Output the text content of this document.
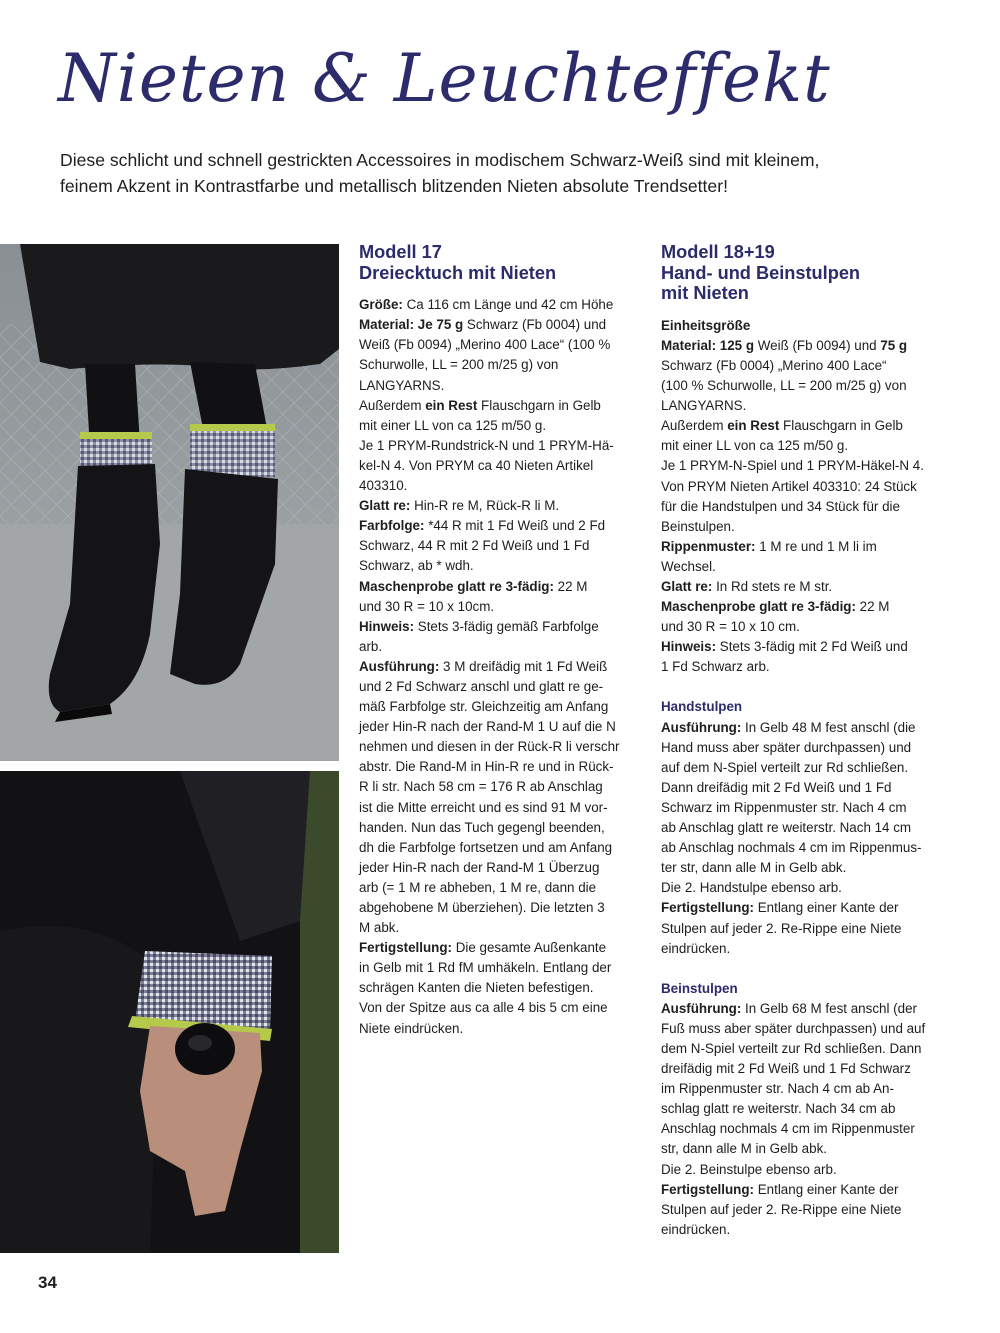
Nieten & Leuchteffekt
Diese schlicht und schnell gestrickten Accessoires in modischem Schwarz-Weiß sind mit kleinem,
feinem Akzent in Kontrastfarbe und metallisch blitzenden Nieten absolute Trendsetter!
Modell 17
Dreiecktuch mit Nieten
Größe: Ca 116 cm Länge und 42 cm Höhe
Material: Je 75 g Schwarz (Fb 0004) und
Weiß (Fb 0094) „Merino 400 Lace“ (100 %
Schurwolle, LL = 200 m/25 g) von
LANGYARNS.
Außerdem ein Rest Flauschgarn in Gelb
mit einer LL von ca 125 m/50 g.
Je 1 PRYM-Rundstrick-N und 1 PRYM-Hä-
kel-N 4. Von PRYM ca 40 Nieten Artikel
403310.
Glatt re: Hin-R re M, Rück-R li M.
Farbfolge: *44 R mit 1 Fd Weiß und 2 Fd
Schwarz, 44 R mit 2 Fd Weiß und 1 Fd
Schwarz, ab * wdh.
Maschenprobe glatt re 3-fädig: 22 M
und 30 R = 10 x 10cm.
Hinweis: Stets 3-fädig gemäß Farbfolge
arb.
Ausführung: 3 M dreifädig mit 1 Fd Weiß
und 2 Fd Schwarz anschl und glatt re ge-
mäß Farbfolge str. Gleichzeitig am Anfang
jeder Hin-R nach der Rand-M 1 U auf die N
nehmen und diesen in der Rück-R li verschr
abstr. Die Rand-M in Hin-R re und in Rück-
R li str. Nach 58 cm = 176 R ab Anschlag
ist die Mitte erreicht und es sind 91 M vor-
handen. Nun das Tuch gegengl beenden,
dh die Farbfolge fortsetzen und am Anfang
jeder Hin-R nach der Rand-M 1 Überzug
arb (= 1 M re abheben, 1 M re, dann die
abgehobene M überziehen). Die letzten 3
M abk.
Fertigstellung: Die gesamte Außenkante
in Gelb mit 1 Rd fM umhäkeln. Entlang der
schrägen Kanten die Nieten befestigen.
Von der Spitze aus ca alle 4 bis 5 cm eine
Niete eindrücken.
Modell 18+19
Hand- und Beinstulpen
mit Nieten
Einheitsgröße
Material: 125 g Weiß (Fb 0094) und 75 g
Schwarz (Fb 0004) „Merino 400 Lace“
(100 % Schurwolle, LL = 200 m/25 g) von
LANGYARNS.
Außerdem ein Rest Flauschgarn in Gelb
mit einer LL von ca 125 m/50 g.
Je 1 PRYM-N-Spiel und 1 PRYM-Häkel-N 4.
Von PRYM Nieten Artikel 403310: 24 Stück
für die Handstulpen und 34 Stück für die
Beinstulpen.
Rippenmuster: 1 M re und 1 M li im
Wechsel.
Glatt re: In Rd stets re M str.
Maschenprobe glatt re 3-fädig: 22 M
und 30 R = 10 x 10 cm.
Hinweis: Stets 3-fädig mit 2 Fd Weiß und
1 Fd Schwarz arb.
Handstulpen
Ausführung: In Gelb 48 M fest anschl (die
Hand muss aber später durchpassen) und
auf dem N-Spiel verteilt zur Rd schließen.
Dann dreifädig mit 2 Fd Weiß und 1 Fd
Schwarz im Rippenmuster str. Nach 4 cm
ab Anschlag glatt re weiterstr. Nach 14 cm
ab Anschlag nochmals 4 cm im Rippenmus-
ter str, dann alle M in Gelb abk.
Die 2. Handstulpe ebenso arb.
Fertigstellung: Entlang einer Kante der
Stulpen auf jeder 2. Re-Rippe eine Niete
eindrücken.
Beinstulpen
Ausführung: In Gelb 68 M fest anschl (der
Fuß muss aber später durchpassen) und auf
dem N-Spiel verteilt zur Rd schließen. Dann
dreifädig mit 2 Fd Weiß und 1 Fd Schwarz
im Rippenmuster str. Nach 4 cm ab An-
schlag glatt re weiterstr. Nach 34 cm ab
Anschlag nochmals 4 cm im Rippenmuster
str, dann alle M in Gelb abk.
Die 2. Beinstulpe ebenso arb.
Fertigstellung: Entlang einer Kante der
Stulpen auf jeder 2. Re-Rippe eine Niete
eindrücken.
34
